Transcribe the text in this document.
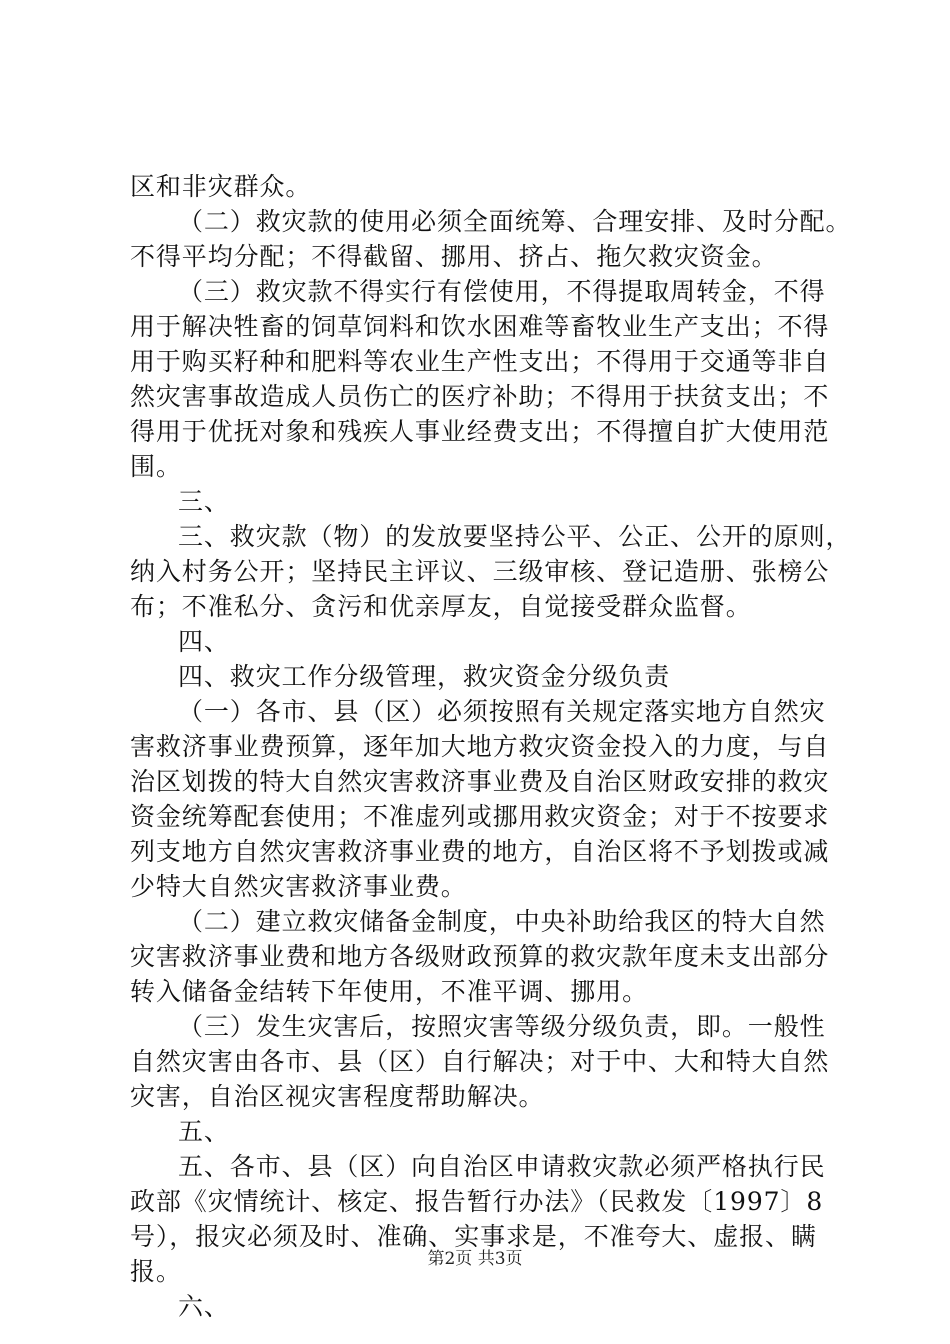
区和非灾群众。
（二）救灾款的使用必须全面统筹、合理安排、及时分配。
不得平均分配；不得截留、挪用、挤占、拖欠救灾资金。
（三）救灾款不得实行有偿使用，不得提取周转金，不得
用于解决牲畜的饲草饲料和饮水困难等畜牧业生产支出；不得
用于购买籽种和肥料等农业生产性支出；不得用于交通等非自
然灾害事故造成人员伤亡的医疗补助；不得用于扶贫支出；不
得用于优抚对象和残疾人事业经费支出；不得擅自扩大使用范
围。
三、
三、救灾款（物）的发放要坚持公平、公正、公开的原则，
纳入村务公开；坚持民主评议、三级审核、登记造册、张榜公
布；不准私分、贪污和优亲厚友，自觉接受群众监督。
四、
四、救灾工作分级管理，救灾资金分级负责
（一）各市、县（区）必须按照有关规定落实地方自然灾
害救济事业费预算，逐年加大地方救灾资金投入的力度，与自
治区划拨的特大自然灾害救济事业费及自治区财政安排的救灾
资金统筹配套使用；不准虚列或挪用救灾资金；对于不按要求
列支地方自然灾害救济事业费的地方，自治区将不予划拨或减
少特大自然灾害救济事业费。
（二）建立救灾储备金制度，中央补助给我区的特大自然
灾害救济事业费和地方各级财政预算的救灾款年度未支出部分
转入储备金结转下年使用，不准平调、挪用。
（三）发生灾害后，按照灾害等级分级负责，即。一般性
自然灾害由各市、县（区）自行解决；对于中、大和特大自然
灾害，自治区视灾害程度帮助解决。
五、
五、各市、县（区）向自治区申请救灾款必须严格执行民
政部《灾情统计、核定、报告暂行办法》（民救发〔1997〕8
号），报灾必须及时、准确、实事求是，不准夸大、虚报、瞒
报。
六、
第2页 共3页
